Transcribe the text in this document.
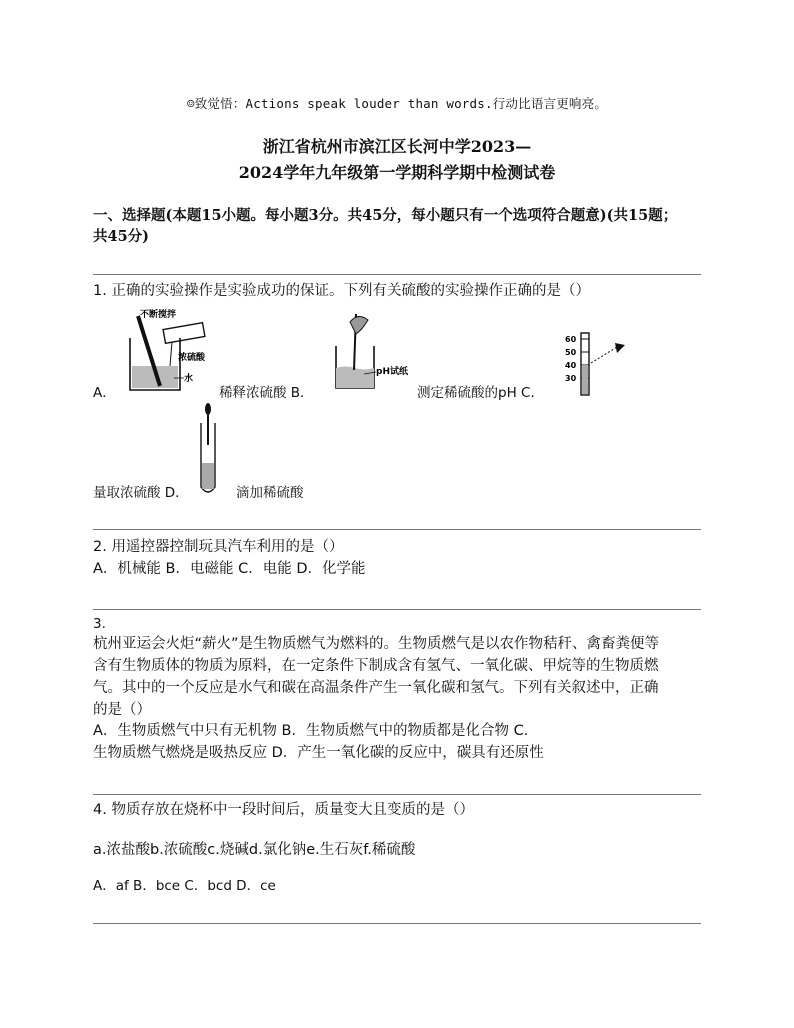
☺致觉悟：Actions speak louder than words.行动比语言更响亮。
浙江省杭州市滨江区长河中学2023—
2024学年九年级第一学期科学期中检测试卷
一、选择题(本题15小题。每小题3分。共45分，每小题只有一个选项符合题意)(共15题；
共45分)
1. 正确的实验操作是实验成功的保证。下列有关硫酸的实验操作正确的是（）
A．
不断搅拌
浓硫酸
水
稀释浓硫酸 B．
pH试纸
测定稀硫酸的pH C．
60
50
40
30
量取浓硫酸 D．	滴加稀硫酸
2. 用遥控器控制玩具汽车利用的是（）
A．机械能 B．电磁能 C．电能 D．化学能
3.
杭州亚运会火炬“薪火”是生物质燃气为燃料的。生物质燃气是以农作物秸秆、禽畜粪便等
含有生物质体的物质为原料，在一定条件下制成含有氢气、一氧化碳、甲烷等的生物质燃
气。其中的一个反应是水气和碳在高温条件产生一氧化碳和氢气。下列有关叙述中，正确
的是（）
A．生物质燃气中只有无机物 B．生物质燃气中的物质都是化合物 C．
生物质燃气燃烧是吸热反应 D．产生一氧化碳的反应中，碳具有还原性
4. 物质存放在烧杯中一段时间后，质量变大且变质的是（）
a.浓盐酸b.浓硫酸c.烧碱d.氯化钠e.生石灰f.稀硫酸
A．af B．bce C．bcd D．ce
